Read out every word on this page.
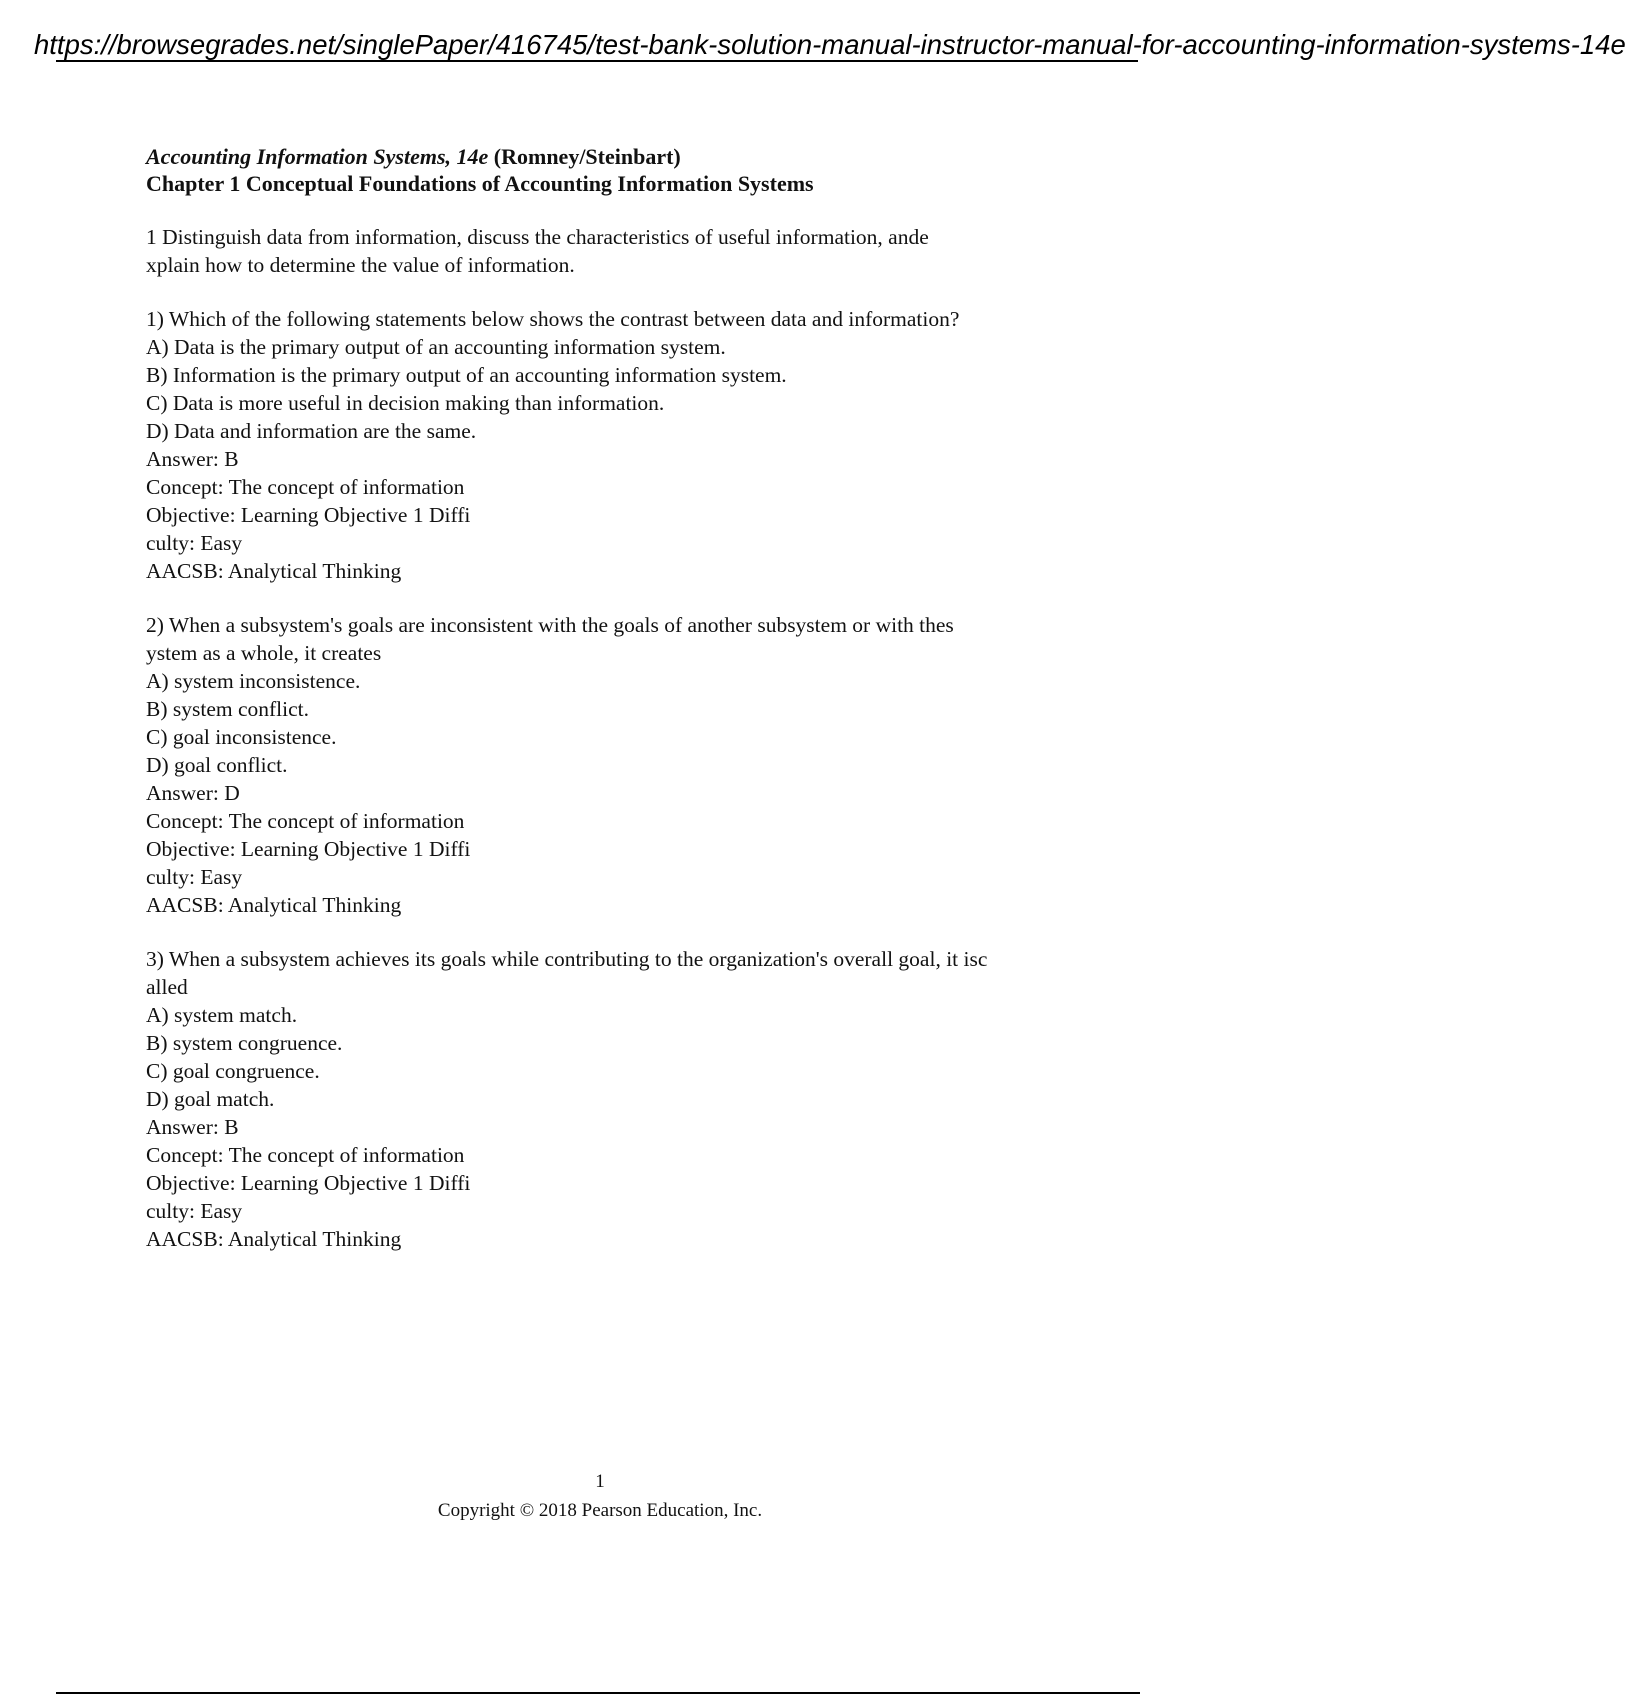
https://browsegrades.net/singlePaper/416745/test-bank-solution-manual-instructor-manual-for-accounting-information-systems-14e
Accounting Information Systems, 14e (Romney/Steinbart)
Chapter 1 Conceptual Foundations of Accounting Information Systems
1 Distinguish data from information, discuss the characteristics of useful information, ande
xplain how to determine the value of information.
1) Which of the following statements below shows the contrast between data and information?
A) Data is the primary output of an accounting information system.
B) Information is the primary output of an accounting information system.
C) Data is more useful in decision making than information.
D) Data and information are the same.
Answer: B
Concept: The concept of information
Objective: Learning Objective 1 Diffi
culty: Easy
AACSB: Analytical Thinking
2) When a subsystem's goals are inconsistent with the goals of another subsystem or with thes
ystem as a whole, it creates
A) system inconsistence.
B) system conflict.
C) goal inconsistence.
D) goal conflict.
Answer: D
Concept: The concept of information
Objective: Learning Objective 1 Diffi
culty: Easy
AACSB: Analytical Thinking
3) When a subsystem achieves its goals while contributing to the organization's overall goal, it isc
alled
A) system match.
B) system congruence.
C) goal congruence.
D) goal match.
Answer: B
Concept: The concept of information
Objective: Learning Objective 1 Diffi
culty: Easy
AACSB: Analytical Thinking
1
Copyright © 2018 Pearson Education, Inc.
